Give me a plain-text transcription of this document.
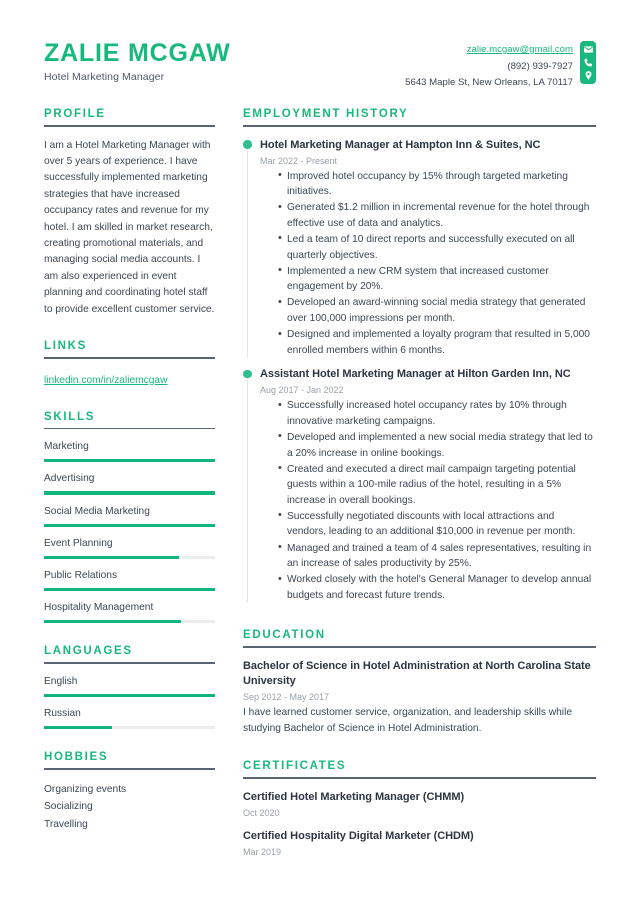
ZALIE MCGAW
Hotel Marketing Manager
zalie.mcgaw@gmail.com
(892) 939-7927
5643 Maple St, New Orleans, LA 70117
PROFILE
I am a Hotel Marketing Manager with over 5 years of experience. I have successfully implemented marketing strategies that have increased occupancy rates and revenue for my hotel. I am skilled in market research, creating promotional materials, and managing social media accounts. I am also experienced in event planning and coordinating hotel staff to provide excellent customer service.
LINKS
linkedin.com/in/zaliemcgaw
SKILLS
Marketing
Advertising
Social Media Marketing
Event Planning
Public Relations
Hospitality Management
LANGUAGES
English
Russian
HOBBIES
Organizing events
Socializing
Travelling
EMPLOYMENT HISTORY
Hotel Marketing Manager at Hampton Inn & Suites, NC
Mar 2022 - Present
• Improved hotel occupancy by 15% through targeted marketing initiatives.
• Generated $1.2 million in incremental revenue for the hotel through effective use of data and analytics.
• Led a team of 10 direct reports and successfully executed on all quarterly objectives.
• Implemented a new CRM system that increased customer engagement by 20%.
• Developed an award-winning social media strategy that generated over 100,000 impressions per month.
• Designed and implemented a loyalty program that resulted in 5,000 enrolled members within 6 months.
Assistant Hotel Marketing Manager at Hilton Garden Inn, NC
Aug 2017 - Jan 2022
• Successfully increased hotel occupancy rates by 10% through innovative marketing campaigns.
• Developed and implemented a new social media strategy that led to a 20% increase in online bookings.
• Created and executed a direct mail campaign targeting potential guests within a 100-mile radius of the hotel, resulting in a 5% increase in overall bookings.
• Successfully negotiated discounts with local attractions and vendors, leading to an additional $10,000 in revenue per month.
• Managed and trained a team of 4 sales representatives, resulting in an increase of sales productivity by 25%.
• Worked closely with the hotel's General Manager to develop annual budgets and forecast future trends.
EDUCATION
Bachelor of Science in Hotel Administration at North Carolina State University
Sep 2012 - May 2017
I have learned customer service, organization, and leadership skills while studying Bachelor of Science in Hotel Administration.
CERTIFICATES
Certified Hotel Marketing Manager (CHMM)
Oct 2020
Certified Hospitality Digital Marketer (CHDM)
Mar 2019
